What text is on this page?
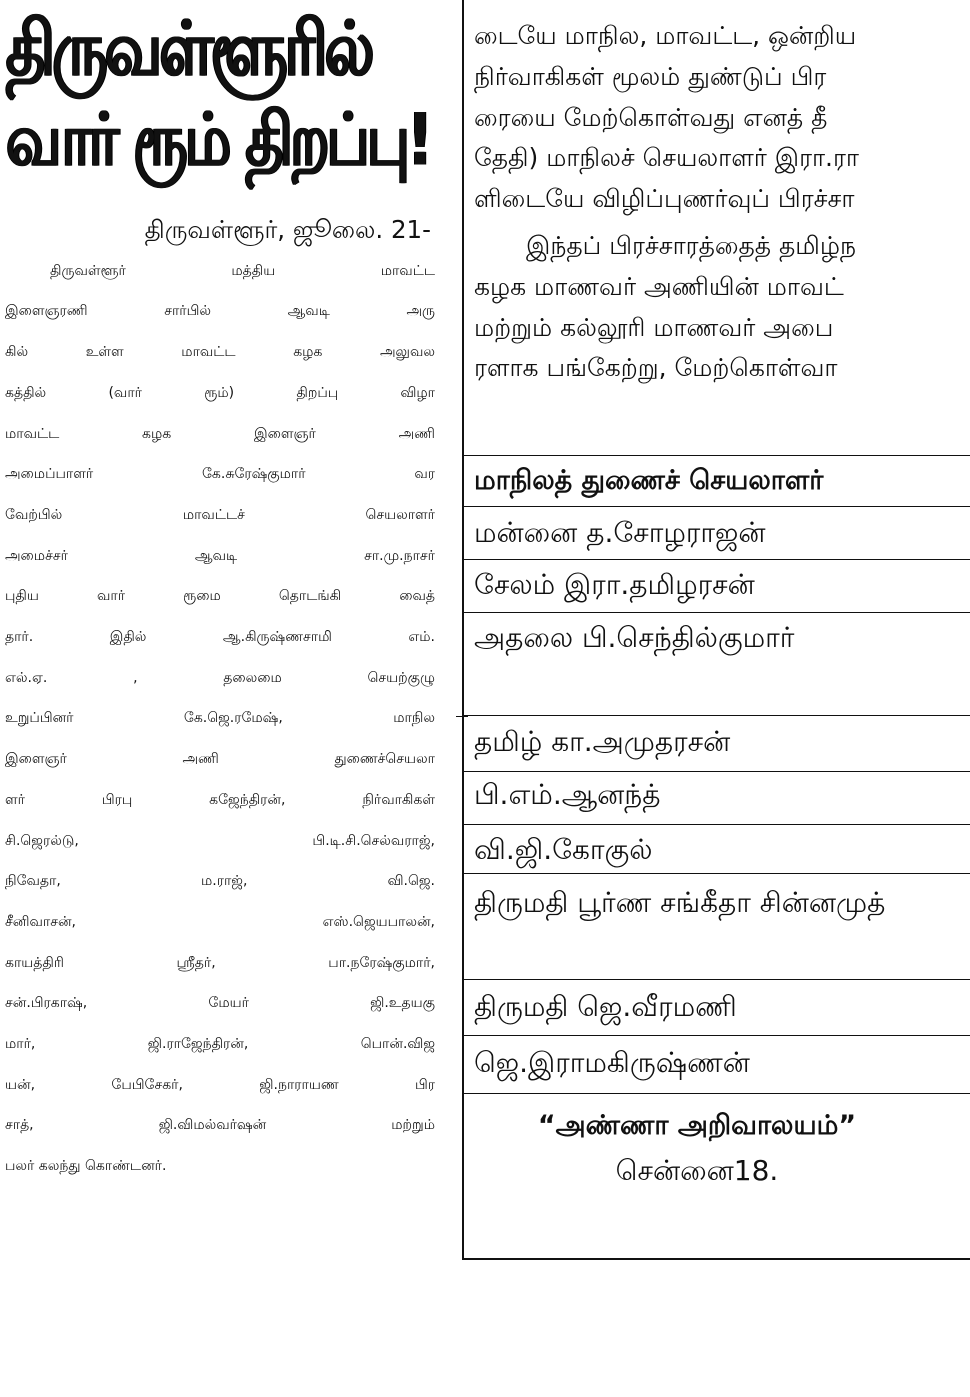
திருவள்ளூரில்
வார் ரூம் திறப்பு!
திருவள்ளூர், ஜூலை. 21-
திருவள்ளூர் மத்திய மாவட்ட
இளைஞரணி சார்பில் ஆவடி அரு
கில் உள்ள மாவட்ட கழக அலுவல
கத்தில் (வார் ரூம்) திறப்பு விழா
மாவட்ட கழக இளைஞர் அணி
அமைப்பாளர் கே.சுரேஷ்குமார் வர
வேற்பில் மாவட்டச் செயலாளர்
அமைச்சர் ஆவடி சா.மு.நாசர்
புதிய வார் ரூமை தொடங்கி வைத்
தார். இதில் ஆ.கிருஷ்ணசாமி எம்.
எல்.ஏ. , தலைமை செயற்குழு
உறுப்பினர் கே.ஜெ.ரமேஷ், மாநில
இளைஞர் அணி துணைச்செயலா
ளர் பிரபு கஜேந்திரன், நிர்வாகிகள்
சி.ஜெரல்டு, பி.டி.சி.செல்வராஜ்,
நிவேதா, ம.ராஜ், வி.ஜெ.
சீனிவாசன், எஸ்.ஜெயபாலன்,
காயத்திரி ஸ்ரீதர், பா.நரேஷ்குமார்,
சன்.பிரகாஷ், மேயர் ஜி.உதயகு
மார், ஜி.ராஜேந்திரன், பொன்.விஜ
யன், பேபிசேகர், ஜி.நாராயண பிர
சாத், ஜி.விமல்வர்ஷன் மற்றும்
பலர் கலந்து கொண்டனர்.
டையே மாநில, மாவட்ட, ஒன்றிய
நிர்வாகிகள் மூலம் துண்டுப் பிர
ரையை மேற்கொள்வது எனத் தீ
தேதி) மாநிலச் செயலாளர் இரா.ரா
ளிடையே விழிப்புணர்வுப் பிரச்சா
இந்தப் பிரச்சாரத்தைத் தமிழ்ந
கழக மாணவர் அணியின் மாவட்
மற்றும் கல்லூரி மாணவர் அபை
ரளாக பங்கேற்று, மேற்கொள்வா
மாநிலத் துணைச் செயலாளர்
மன்னை த.சோழராஜன்
சேலம் இரா.தமிழரசன்
அதலை பி.செந்தில்குமார்
தமிழ் கா.அமுதரசன்
பி.எம்.ஆனந்த்
வி.ஜி.கோகுல்
திருமதி பூர்ண சங்கீதா சின்னமுத்
திருமதி ஜெ.வீரமணி
ஜெ.இராமகிருஷ்ணன்
“அண்ணா அறிவாலயம்”
சென்னை18.
